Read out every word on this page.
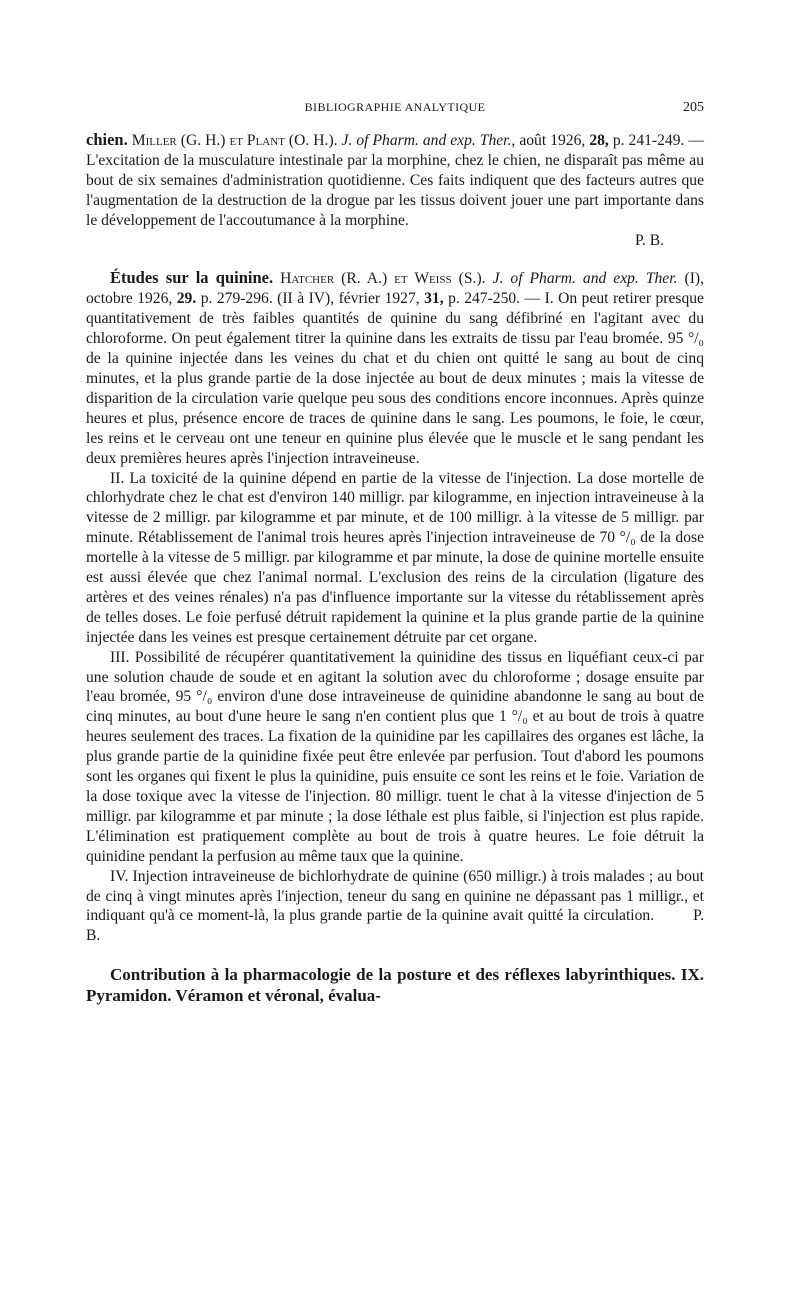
BIBLIOGRAPHIE ANALYTIQUE	205

chien. Miller (G. H.) et Plant (O. H.). J. of Pharm. and exp. Ther., août 1926, 28, p. 241-249. — L'excitation de la musculature intestinale par la morphine, chez le chien, ne disparaît pas même au bout de six semaines d'administration quotidienne. Ces faits indiquent que des facteurs autres que l'augmentation de la destruction de la drogue par les tissus doivent jouer une part importante dans le développement de l'accoutumance à la morphine.

P. B.

Études sur la quinine. Hatcher (R. A.) et Weiss (S.). J. of Pharm. and exp. Ther. (I), octobre 1926, 29. p. 279-296. (II à IV), février 1927, 31, p. 247-250. — I. On peut retirer presque quantitativement de très faibles quantités de quinine du sang défibriné en l'agitant avec du chloroforme. On peut également titrer la quinine dans les extraits de tissu par l'eau bromée. 95 °/₀ de la quinine injectée dans les veines du chat et du chien ont quitté le sang au bout de cinq minutes, et la plus grande partie de la dose injectée au bout de deux minutes ; mais la vitesse de disparition de la circulation varie quelque peu sous des conditions encore inconnues. Après quinze heures et plus, présence encore de traces de quinine dans le sang. Les poumons, le foie, le cœur, les reins et le cerveau ont une teneur en quinine plus élevée que le muscle et le sang pendant les deux premières heures après l'injection intraveineuse.

II. La toxicité de la quinine dépend en partie de la vitesse de l'injection. La dose mortelle de chlorhydrate chez le chat est d'environ 140 milligr. par kilogramme, en injection intraveineuse à la vitesse de 2 milligr. par kilogramme et par minute, et de 100 milligr. à la vitesse de 5 milligr. par minute. Rétablissement de l'animal trois heures après l'injection intraveineuse de 70 °/₀ de la dose mortelle à la vitesse de 5 milligr. par kilogramme et par minute, la dose de quinine mortelle ensuite est aussi élevée que chez l'animal normal. L'exclusion des reins de la circulation (ligature des artères et des veines rénales) n'a pas d'influence importante sur la vitesse du rétablissement après de telles doses. Le foie perfusé détruit rapidement la quinine et la plus grande partie de la quinine injectée dans les veines est presque certainement détruite par cet organe.

III. Possibilité de récupérer quantitativement la quinidine des tissus en liquéfiant ceux-ci par une solution chaude de soude et en agitant la solution avec du chloroforme ; dosage ensuite par l'eau bromée, 95 °/₀ environ d'une dose intraveineuse de quinidine abandonne le sang au bout de cinq minutes, au bout d'une heure le sang n'en contient plus que 1 °/₀ et au bout de trois à quatre heures seulement des traces. La fixation de la quinidine par les capillaires des organes est lâche, la plus grande partie de la quinidine fixée peut être enlevée par perfusion. Tout d'abord les poumons sont les organes qui fixent le plus la quinidine, puis ensuite ce sont les reins et le foie. Variation de la dose toxique avec la vitesse de l'injection. 80 milligr. tuent le chat à la vitesse d'injection de 5 milligr. par kilogramme et par minute ; la dose léthale est plus faible, si l'injection est plus rapide. L'élimination est pratiquement complète au bout de trois à quatre heures. Le foie détruit la quinidine pendant la perfusion au même taux que la quinine.

IV. Injection intraveineuse de bichlorhydrate de quinine (650 milligr.) à trois malades ; au bout de cinq à vingt minutes après l'injection, teneur du sang en quinine ne dépassant pas 1 milligr., et indiquant qu'à ce moment-là, la plus grande partie de la quinine avait quitté la circulation.	P. B.

Contribution à la pharmacologie de la posture et des réflexes labyrinthiques. IX. Pyramidon. Véramon et véronal, évalua-
